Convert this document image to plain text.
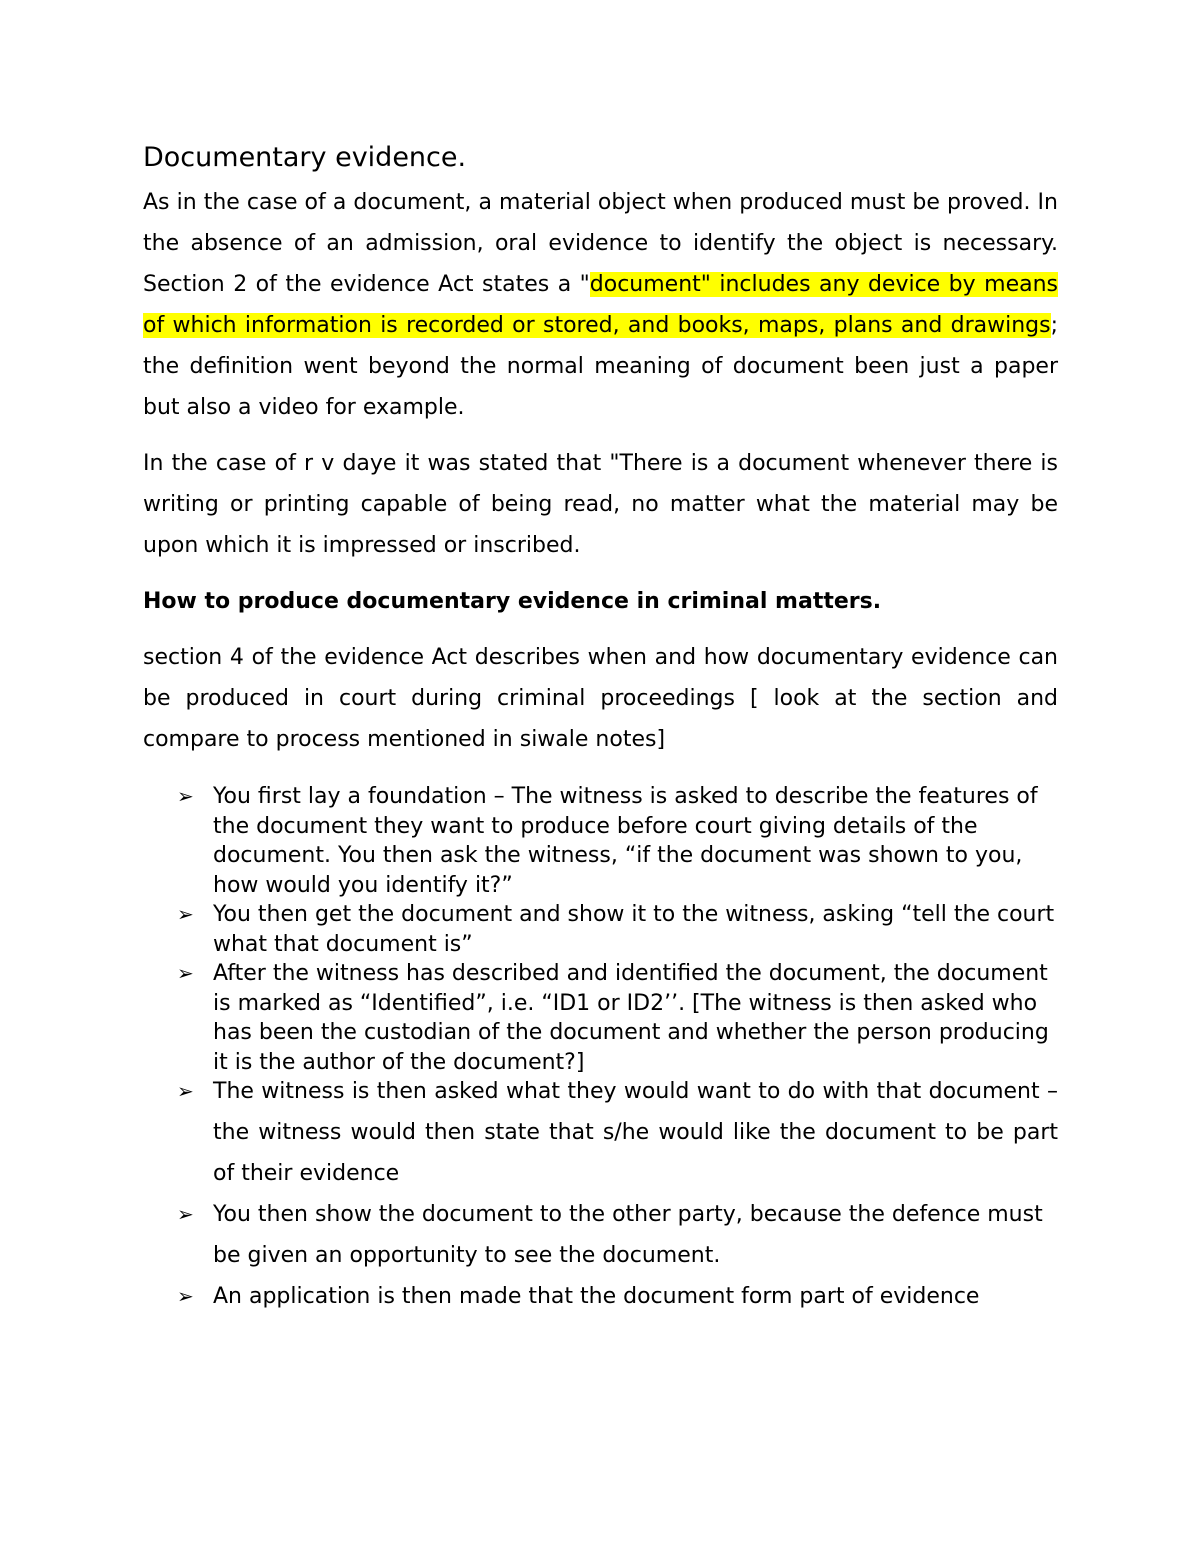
Documentary evidence.

As in the case of a document, a material object when produced must be proved. In the absence of an admission, oral evidence to identify the object is necessary. Section 2 of the evidence Act states a "document" includes any device by means of which information is recorded or stored, and books, maps, plans and drawings; the definition went beyond the normal meaning of document been just a paper but also a video for example.

In the case of r v daye it was stated that "There is a document whenever there is writing or printing capable of being read, no matter what the material may be upon which it is impressed or inscribed.

How to produce documentary evidence in criminal matters.

section 4 of the evidence Act describes when and how documentary evidence can be produced in court during criminal proceedings [ look at the section and compare to process mentioned in siwale notes]

➢ You first lay a foundation – The witness is asked to describe the features of the document they want to produce before court giving details of the document. You then ask the witness, “if the document was shown to you, how would you identify it?”
➢ You then get the document and show it to the witness, asking “tell the court what that document is”
➢ After the witness has described and identified the document, the document is marked as “Identified”, i.e. “ID1 or ID2’’. [The witness is then asked who has been the custodian of the document and whether the person producing it is the author of the document?]
➢ The witness is then asked what they would want to do with that document – the witness would then state that s/he would like the document to be part of their evidence
➢ You then show the document to the other party, because the defence must be given an opportunity to see the document.
➢ An application is then made that the document form part of evidence
